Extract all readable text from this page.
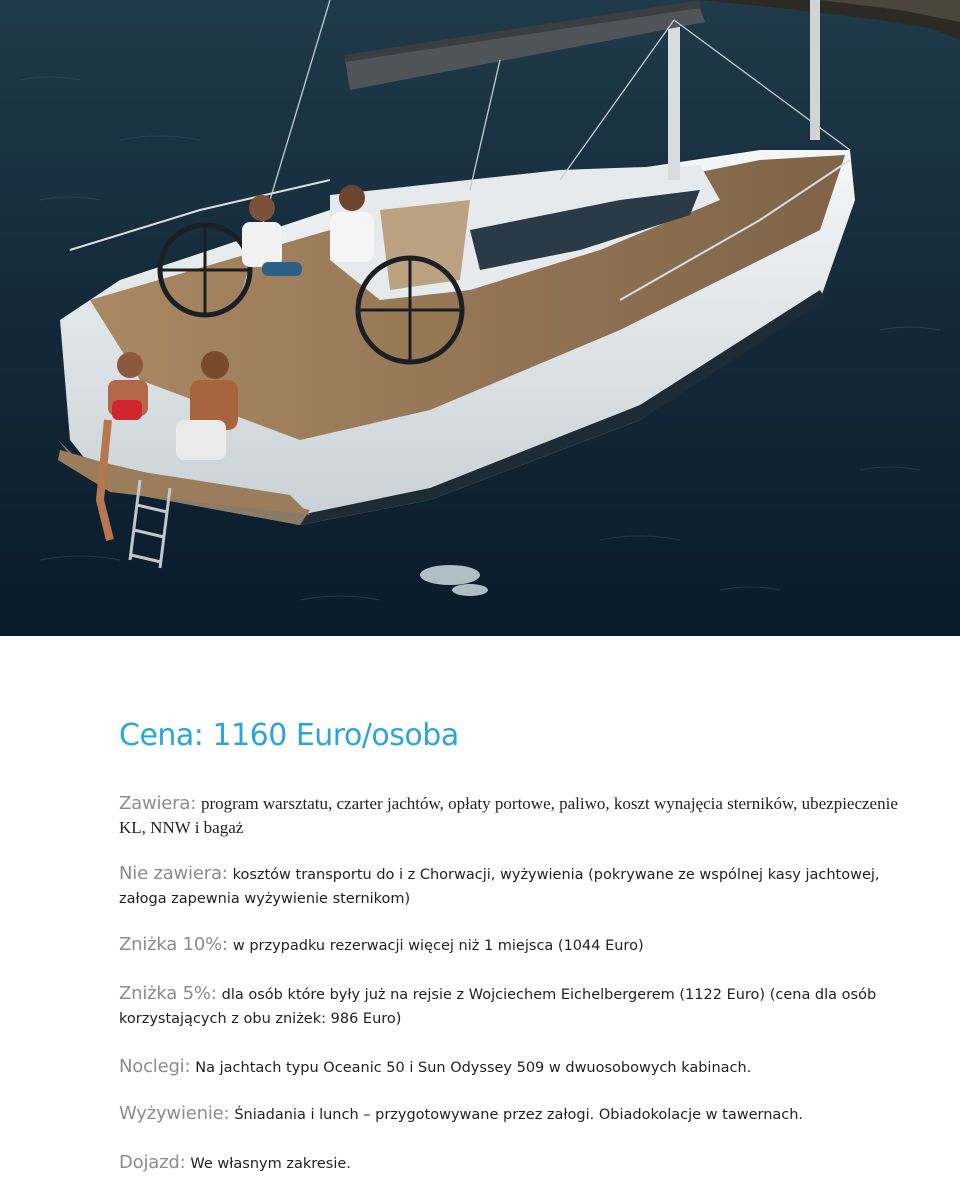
Cena: 1160 Euro/osoba
Zawiera: program warsztatu, czarter jachtów, opłaty portowe, paliwo, koszt wynajęcia sterników, ubezpieczenie KL, NNW i bagaż
Nie zawiera: kosztów transportu do i z Chorwacji, wyżywienia (pokrywane ze wspólnej kasy jachtowej, załoga zapewnia wyżywienie sternikom)
Zniżka 10%: w przypadku rezerwacji więcej niż 1 miejsca (1044 Euro)
Zniżka 5%: dla osób które były już na rejsie z Wojciechem Eichelbergerem (1122 Euro) (cena dla osób korzystających z obu zniżek: 986 Euro)
Noclegi: Na jachtach typu Oceanic 50 i Sun Odyssey 509 w dwuosobowych kabinach.
Wyżywienie: Śniadania i lunch – przygotowywane przez załogi. Obiadokolacje w tawernach.
Dojazd: We własnym zakresie.
